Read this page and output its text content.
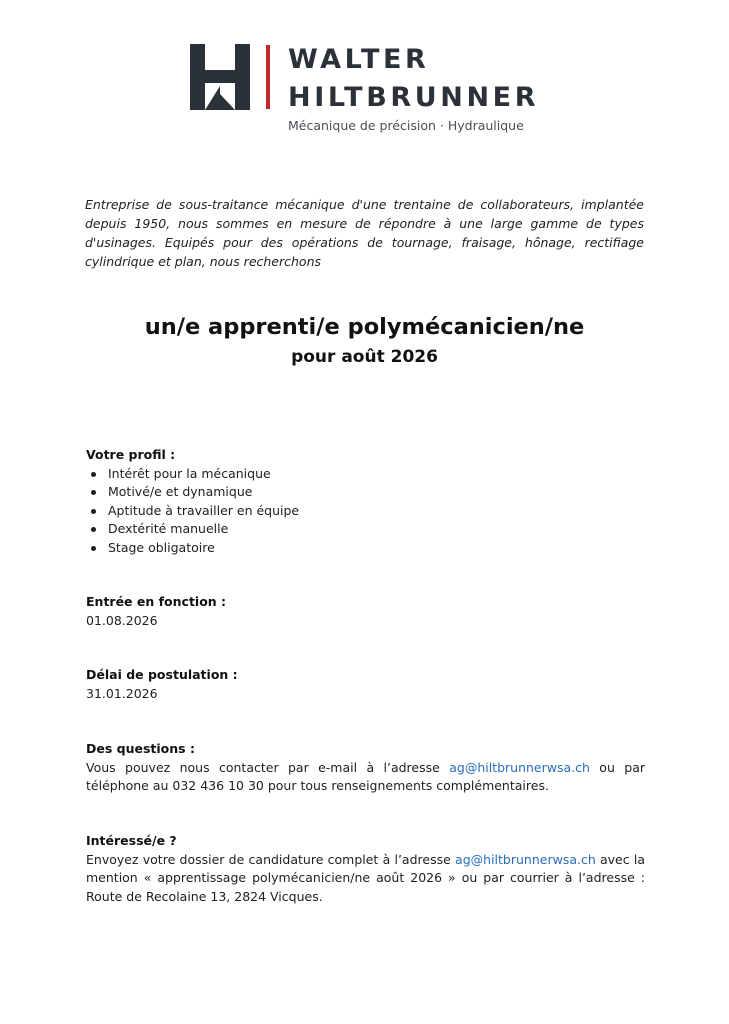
WALTER
HILTBRUNNER
Mécanique de précision · Hydraulique

Entreprise de sous-traitance mécanique d'une trentaine de collaborateurs, implantée depuis 1950, nous sommes en mesure de répondre à une large gamme de types d'usinages. Equipés pour des opérations de tournage, fraisage, hônage, rectifiage cylindrique et plan, nous recherchons

un/e apprenti/e polymécanicien/ne
pour août 2026
Votre profil :
Intérêt pour la mécanique
Motivé/e et dynamique
Aptitude à travailler en équipe
Dextérité manuelle
Stage obligatoire
Entrée en fonction :
01.08.2026
Délai de postulation :
31.01.2026
Des questions :
Vous pouvez nous contacter par e-mail à l’adresse ag@hiltbrunnerwsa.ch ou par téléphone au 032 436 10 30 pour tous renseignements complémentaires.
Intéressé/e ?
Envoyez votre dossier de candidature complet à l’adresse ag@hiltbrunnerwsa.ch avec la mention « apprentissage polymécanicien/ne août 2026 » ou par courrier à l’adresse : Route de Recolaine 13, 2824 Vicques.
